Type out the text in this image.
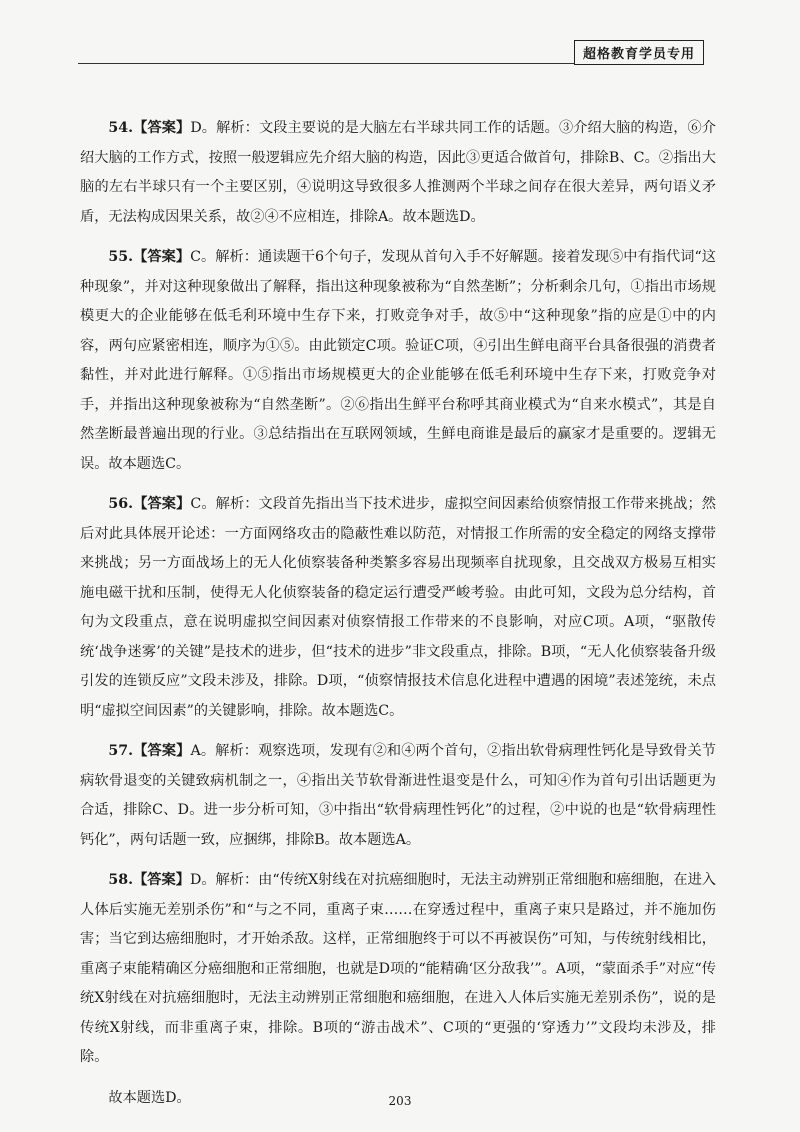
超格教育学员专用

54.【答案】D。解析：文段主要说的是大脑左右半球共同工作的话题。③介绍大脑的构造，⑥介绍大脑的工作方式，按照一般逻辑应先介绍大脑的构造，因此③更适合做首句，排除B、C。②指出大脑的左右半球只有一个主要区别，④说明这导致很多人推测两个半球之间存在很大差异，两句语义矛盾，无法构成因果关系，故②④不应相连，排除A。故本题选D。

55.【答案】C。解析：通读题干6个句子，发现从首句入手不好解题。接着发现⑤中有指代词“这种现象”，并对这种现象做出了解释，指出这种现象被称为“自然垄断”；分析剩余几句，①指出市场规模更大的企业能够在低毛利环境中生存下来，打败竞争对手，故⑤中“这种现象”指的应是①中的内容，两句应紧密相连，顺序为①⑤。由此锁定C项。验证C项，④引出生鲜电商平台具备很强的消费者黏性，并对此进行解释。①⑤指出市场规模更大的企业能够在低毛利环境中生存下来，打败竞争对手，并指出这种现象被称为“自然垄断”。②⑥指出生鲜平台称呼其商业模式为“自来水模式”，其是自然垄断最普遍出现的行业。③总结指出在互联网领域，生鲜电商谁是最后的赢家才是重要的。逻辑无误。故本题选C。

56.【答案】C。解析：文段首先指出当下技术进步，虚拟空间因素给侦察情报工作带来挑战；然后对此具体展开论述：一方面网络攻击的隐蔽性难以防范，对情报工作所需的安全稳定的网络支撑带来挑战；另一方面战场上的无人化侦察装备种类繁多容易出现频率自扰现象，且交战双方极易互相实施电磁干扰和压制，使得无人化侦察装备的稳定运行遭受严峻考验。由此可知，文段为总分结构，首句为文段重点，意在说明虚拟空间因素对侦察情报工作带来的不良影响，对应C项。A项，“驱散传统‘战争迷雾’的关键”是技术的进步，但“技术的进步”非文段重点，排除。B项，“无人化侦察装备升级引发的连锁反应”文段未涉及，排除。D项，“侦察情报技术信息化进程中遭遇的困境”表述笼统，未点明“虚拟空间因素”的关键影响，排除。故本题选C。

57.【答案】A。解析：观察选项，发现有②和④两个首句，②指出软骨病理性钙化是导致骨关节病软骨退变的关键致病机制之一，④指出关节软骨渐进性退变是什么，可知④作为首句引出话题更为合适，排除C、D。进一步分析可知，③中指出“软骨病理性钙化”的过程，②中说的也是“软骨病理性钙化”，两句话题一致，应捆绑，排除B。故本题选A。

58.【答案】D。解析：由“传统X射线在对抗癌细胞时，无法主动辨别正常细胞和癌细胞，在进入人体后实施无差别杀伤”和“与之不同，重离子束……在穿透过程中，重离子束只是路过，并不施加伤害；当它到达癌细胞时，才开始杀敌。这样，正常细胞终于可以不再被误伤”可知，与传统射线相比，重离子束能精确区分癌细胞和正常细胞，也就是D项的“能精确‘区分敌我’”。A项，“蒙面杀手”对应“传统X射线在对抗癌细胞时，无法主动辨别正常细胞和癌细胞，在进入人体后实施无差别杀伤”，说的是传统X射线，而非重离子束，排除。B项的“游击战术”、C项的“更强的‘穿透力’”文段均未涉及，排除。

故本题选D。	203
